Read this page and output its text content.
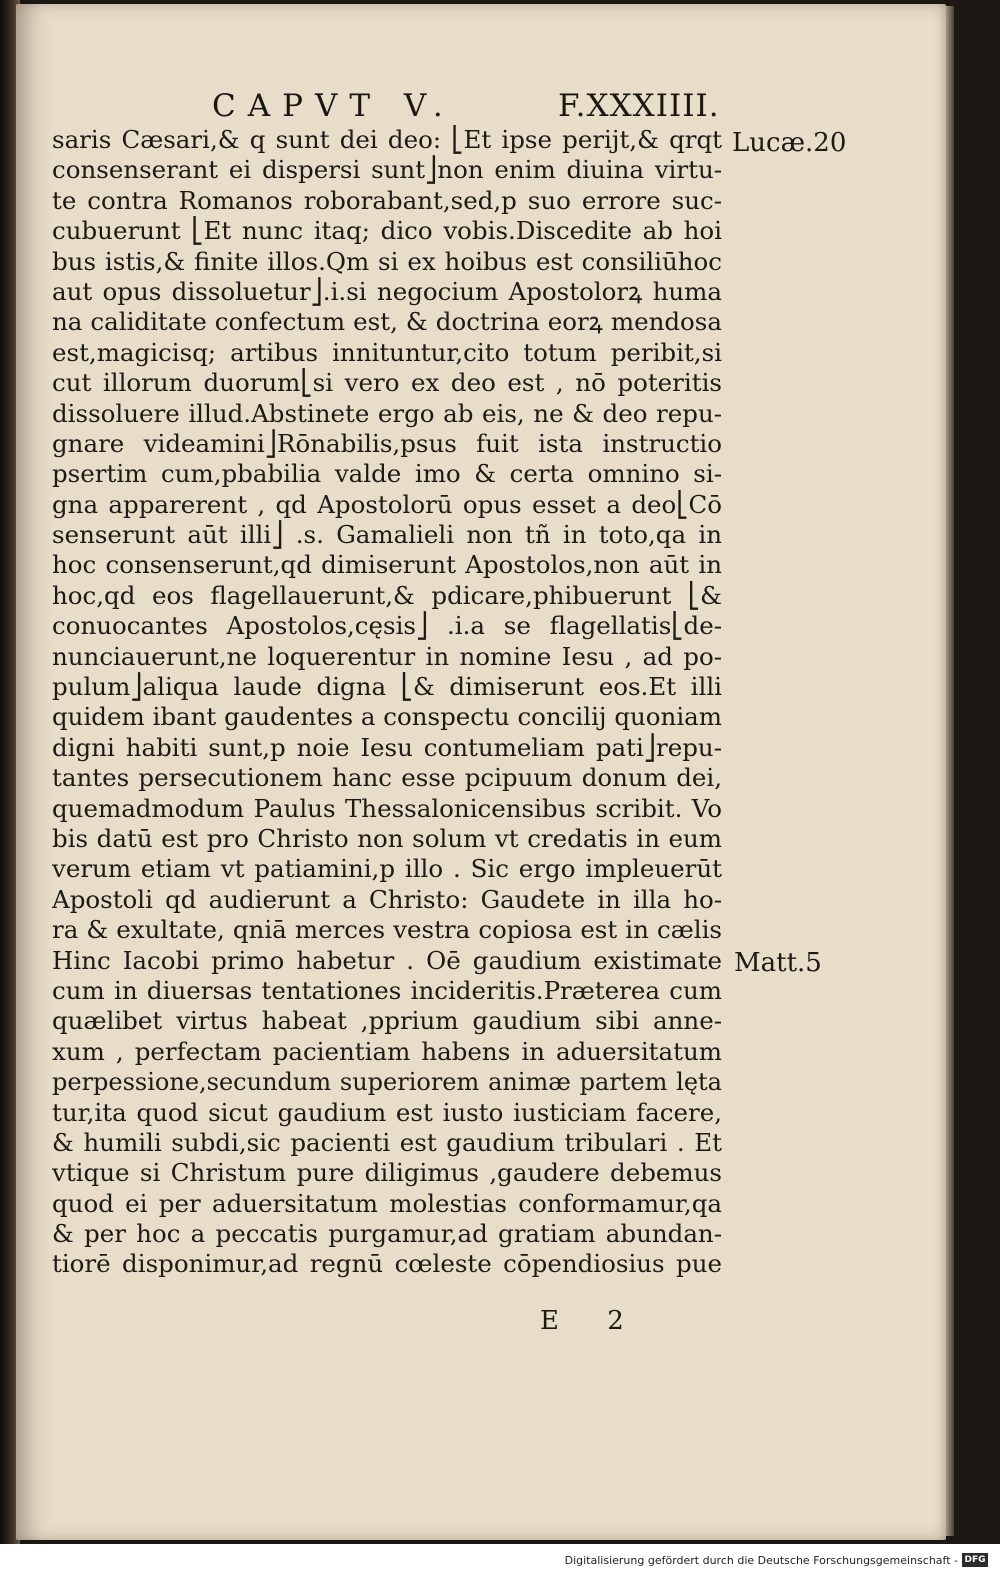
CAPVT V.	F.XXXIIII.
saris Cæsari,& q sunt dei deo: ⎣Et ipse perijt,& qrqt
consenserant ei dispersi sunt⎦non enim diuina virtu-
te contra Romanos roborabant,sed,p suo errore suc-
cubuerunt ⎣Et nunc itaq; dico vobis.Discedite ab hoi
bus istis,& finite illos.Qm si ex hoibus est consiliūhoc
aut opus dissoluetur⎦.i.si negocium Apostolorꝝ huma
na caliditate confectum est, & doctrina eorꝝ mendosa
est,magicisq; artibus innituntur,cito totum peribit,si
cut illorum duorum⎣si vero ex deo est , nō poteritis
dissoluere illud.Abstinete ergo ab eis, ne & deo repu-
gnare videamini⎦Rōnabilis,psus fuit ista instructio
psertim cum,pbabilia valde imo & certa omnino si-
gna apparerent , qd Apostolorū opus esset a deo⎣Cō
senserunt aūt illi⎦ .s. Gamalieli non tñ in toto,qa in
hoc consenserunt,qd dimiserunt Apostolos,non aūt in
hoc,qd eos flagellauerunt,& pdicare,phibuerunt ⎣&
conuocantes Apostolos,cęsis⎦ .i.a se flagellatis⎣de-
nunciauerunt,ne loquerentur in nomine Iesu , ad po-
pulum⎦aliqua laude digna ⎣& dimiserunt eos.Et illi
quidem ibant gaudentes a conspectu concilij quoniam
digni habiti sunt,p noie Iesu contumeliam pati⎦repu-
tantes persecutionem hanc esse pcipuum donum dei,
quemadmodum Paulus Thessalonicensibus scribit. Vo
bis datū est pro Christo non solum vt credatis in eum
verum etiam vt patiamini,p illo . Sic ergo impleuerūt
Apostoli qd audierunt a Christo: Gaudete in illa ho-
ra & exultate, qniā merces vestra copiosa est in cælis
Hinc Iacobi primo habetur . Oē gaudium existimate
cum in diuersas tentationes incideritis.Præterea cum
quælibet virtus habeat ,pprium gaudium sibi anne-
xum , perfectam pacientiam habens in aduersitatum
perpessione,secundum superiorem animæ partem lęta
tur,ita quod sicut gaudium est iusto iusticiam facere,
& humili subdi,sic pacienti est gaudium tribulari . Et
vtique si Christum pure diligimus ,gaudere debemus
quod ei per aduersitatum molestias conformamur,qa
& per hoc a peccatis purgamur,ad gratiam abundan-
tiorē disponimur,ad regnū cœleste cōpendiosius pue
Lucæ.20
Matt.5
E 2
Digitalisierung gefördert durch die Deutsche Forschungsgemeinschaft - DFG
